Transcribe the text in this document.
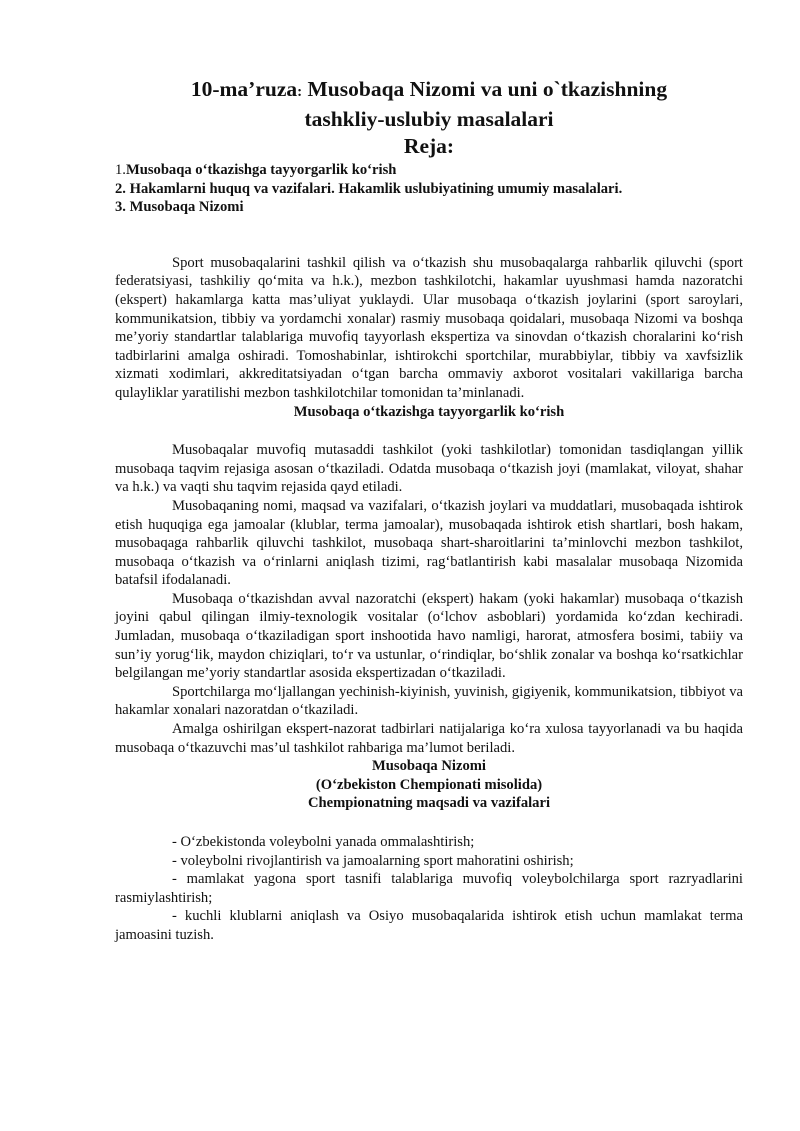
10-ma’ruza: Musobaqa Nizomi va uni o`tkazishning
tashkliy-uslubiy masalalari
Reja:

1.Musobaqa o‘tkazishga tayyorgarlik ko‘rish

2. Hakamlarni huquq va vazifalari. Hakamlik uslubiyatining umumiy masalalari.

3. Musobaqa Nizomi

Sport musobaqalarini tashkil qilish va o‘tkazish shu musobaqalarga rahbarlik qiluvchi (sport federatsiyasi, tashkiliy qo‘mita va h.k.), mezbon tashkilotchi, hakamlar uyushmasi hamda nazoratchi (ekspert) hakamlarga katta mas’uliyat yuklaydi. Ular musobaqa o‘tkazish joylarini (sport saroylari, kommunikatsion, tibbiy va yordamchi xonalar) rasmiy musobaqa qoidalari, musobaqa Nizomi va boshqa me’yoriy standartlar talablariga muvofiq tayyorlash ekspertiza va sinovdan o‘tkazish choralarini ko‘rish tadbirlarini amalga oshiradi. Tomoshabinlar, ishtirokchi sportchilar, murabbiylar, tibbiy va xavfsizlik xizmati xodimlari, akkreditatsiyadan o‘tgan barcha ommaviy axborot vositalari vakillariga barcha qulayliklar yaratilishi mezbon tashkilotchilar tomonidan ta’minlanadi.

Musobaqa o‘tkazishga tayyorgarlik ko‘rish

Musobaqalar muvofiq mutasaddi tashkilot (yoki tashkilotlar) tomonidan tasdiqlangan yillik musobaqa taqvim rejasiga asosan o‘tkaziladi. Odatda musobaqa o‘tkazish joyi (mamlakat, viloyat, shahar va h.k.) va vaqti shu taqvim rejasida qayd etiladi.

Musobaqaning nomi, maqsad va vazifalari, o‘tkazish joylari va muddatlari, musobaqada ishtirok etish huquqiga ega jamoalar (klublar, terma jamoalar), musobaqada ishtirok etish shartlari, bosh hakam, musobaqaga rahbarlik qiluvchi tashkilot, musobaqa shart-sharoitlarini ta’minlovchi mezbon tashkilot, musobaqa o‘tkazish va o‘rinlarni aniqlash tizimi, rag‘batlantirish kabi masalalar musobaqa Nizomida batafsil ifodalanadi.

Musobaqa o‘tkazishdan avval nazoratchi (ekspert) hakam (yoki hakamlar) musobaqa o‘tkazish joyini qabul qilingan ilmiy-texnologik vositalar (o‘lchov asboblari) yordamida ko‘zdan kechiradi. Jumladan, musobaqa o‘tkaziladigan sport inshootida havo namligi, harorat, atmosfera bosimi, tabiiy va sun’iy yorug‘lik, maydon chiziqlari, to‘r va ustunlar, o‘rindiqlar, bo‘shlik zonalar va boshqa ko‘rsatkichlar belgilangan me’yoriy standartlar asosida ekspertizadan o‘tkaziladi.

Sportchilarga mo‘ljallangan yechinish-kiyinish, yuvinish, gigiyenik, kommunikatsion, tibbiyot va hakamlar xonalari nazoratdan o‘tkaziladi.

Amalga oshirilgan ekspert-nazorat tadbirlari natijalariga ko‘ra xulosa tayyorlanadi va bu haqida musobaqa o‘tkazuvchi mas’ul tashkilot rahbariga ma’lumot beriladi.

Musobaqa Nizomi

(O‘zbekiston Chempionati misolida)

Chempionatning maqsadi va vazifalari

- O‘zbekistonda voleybolni yanada ommalashtirish;

- voleybolni rivojlantirish va jamoalarning sport mahoratini oshirish;

- mamlakat yagona sport tasnifi talablariga muvofiq voleybolchilarga sport razryadlarini rasmiylashtirish;

- kuchli klublarni aniqlash va Osiyo musobaqalarida ishtirok etish uchun mamlakat terma jamoasini tuzish.
